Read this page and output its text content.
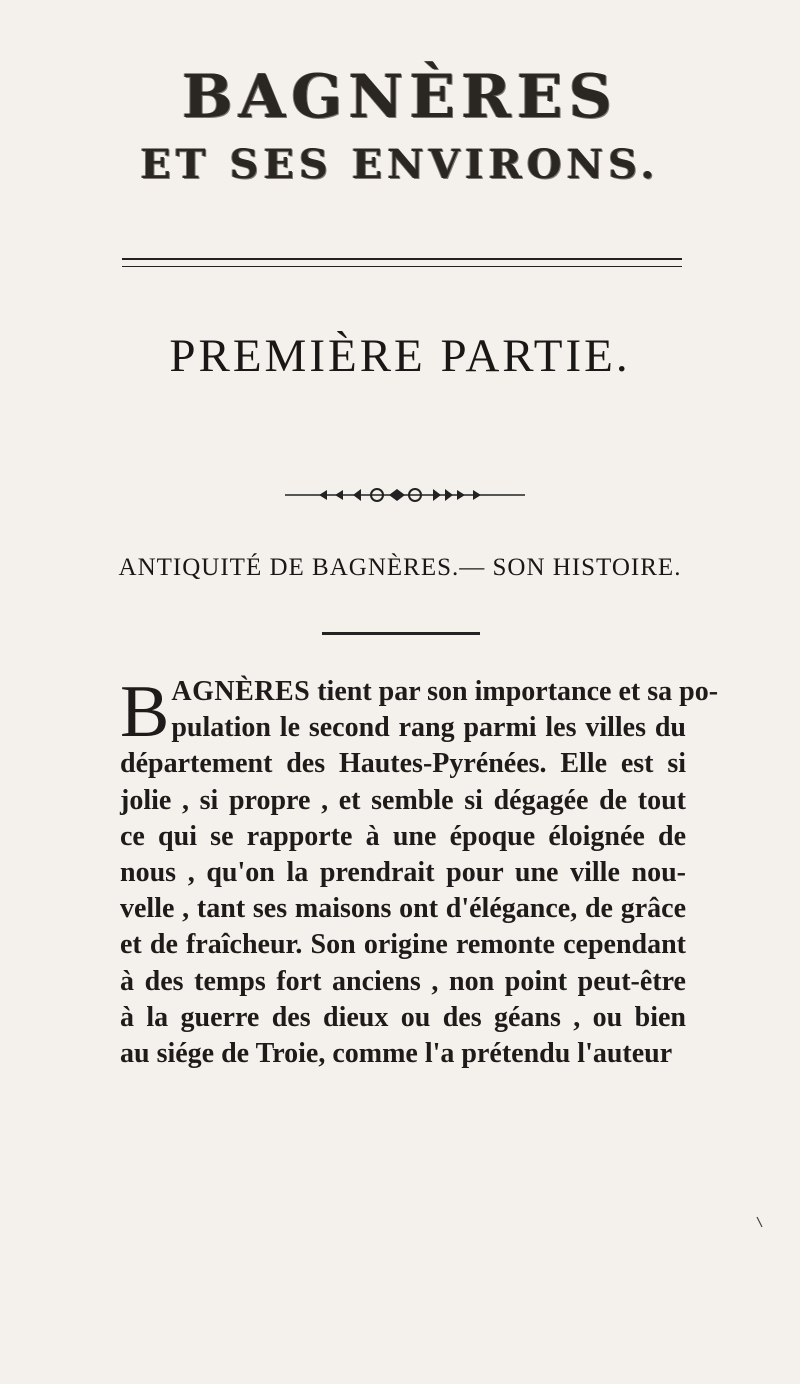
BAGNÈRES
ET SES ENVIRONS.
PREMIÈRE PARTIE.
ANTIQUITÉ DE BAGNÈRES.— SON HISTOIRE.
B AGNÈRES tient par son importance et sa po-
pulation le second rang parmi les villes du
département des Hautes-Pyrénées. Elle est si
jolie , si propre , et semble si dégagée de tout
ce qui se rapporte à une époque éloignée de
nous , qu'on la prendrait pour une ville nou-
velle , tant ses maisons ont d'élégance, de grâce
et de fraîcheur. Son origine remonte cependant
à des temps fort anciens , non point peut-être
à la guerre des dieux ou des géans , ou bien
au siége de Troie, comme l'a prétendu l'auteur
